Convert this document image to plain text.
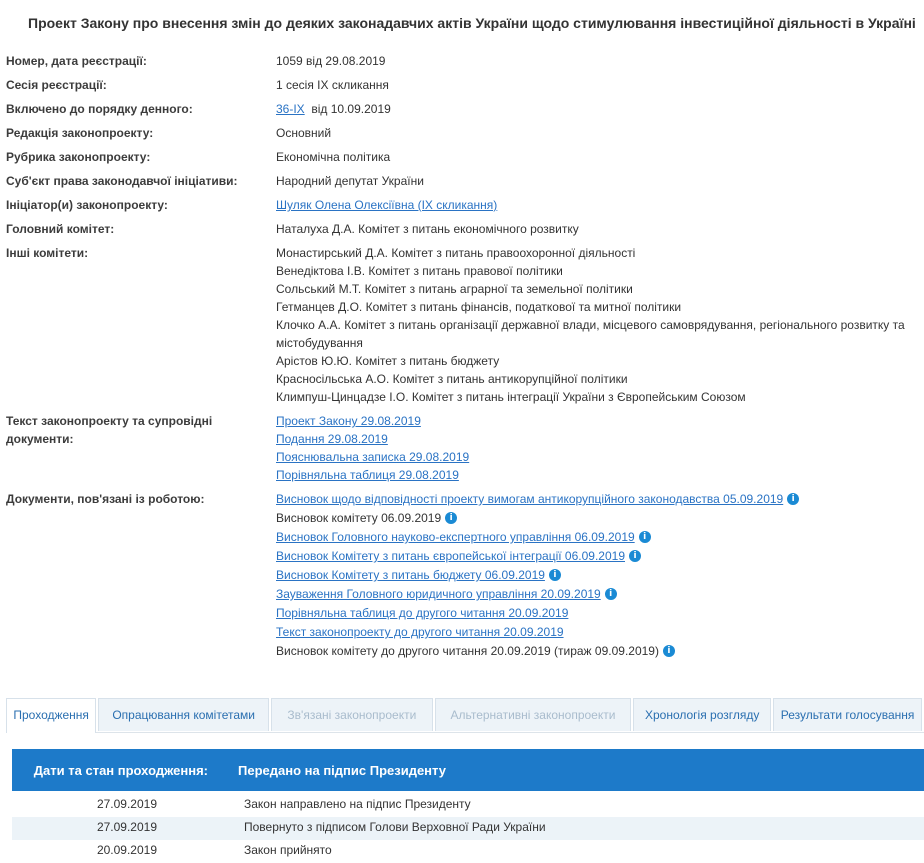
Проект Закону про внесення змін до деяких законадавчих актів України щодо стимулювання інвестиційної діяльності в Україні
Номер, дата реєстрації:	1059 від 29.08.2019
Сесія реєстрації:	1 сесія IX скликання
Включено до порядку денного:	36-IX від 10.09.2019
Редакція законопроекту:	Основний
Рубрика законопроекту:	Економічна політика
Суб'єкт права законодавчої ініціативи:	Народний депутат України
Ініціатор(и) законопроекту:	Шуляк Олена Олексіївна (IX скликання)
Головний комітет:	Наталуха Д.А. Комітет з питань економічного розвитку
Інші комітети:	Монастирський Д.А. Комітет з питань правоохоронної діяльності
Венедіктова І.В. Комітет з питань правової політики
Сольський М.Т. Комітет з питань аграрної та земельної політики
Гетманцев Д.О. Комітет з питань фінансів, податкової та митної політики
Клочко А.А. Комітет з питань організації державної влади, місцевого самоврядування, регіонального розвитку та містобудування
Арістов Ю.Ю. Комітет з питань бюджету
Красносільська А.О. Комітет з питань антикорупційної політики
Климпуш-Цинцадзе І.О. Комітет з питань інтеграції України з Європейським Союзом
Текст законопроекту та супровідні
документи:
Проект Закону 29.08.2019
Подання 29.08.2019
Пояснювальна записка 29.08.2019
Порівняльна таблиця 29.08.2019
Документи, пов'язані із роботою:	Висновок щодо відповідності проекту вимогам антикорупційного законодавства 05.09.2019 i
Висновок комітету 06.09.2019 i
Висновок Головного науково-експертного управління 06.09.2019 i
Висновок Комітету з питань європейської інтеграції 06.09.2019 i
Висновок Комітету з питань бюджету 06.09.2019 i
Зауваження Головного юридичного управління 20.09.2019 i
Порівняльна таблиця до другого читання 20.09.2019
Текст законопроекту до другого читання 20.09.2019
Висновок комітету до другого читання 20.09.2019 (тираж 09.09.2019) i
Проходження	Опрацювання комітетами	Зв'язані законопроекти	Альтернативні законопроекти	Хронологія розгляду	Результати голосування
Дати та стан проходження:	Передано на підпис Президенту
27.09.2019	Закон направлено на підпис Президенту
27.09.2019	Повернуто з підписом Голови Верховної Ради України
20.09.2019	Закон прийнято
